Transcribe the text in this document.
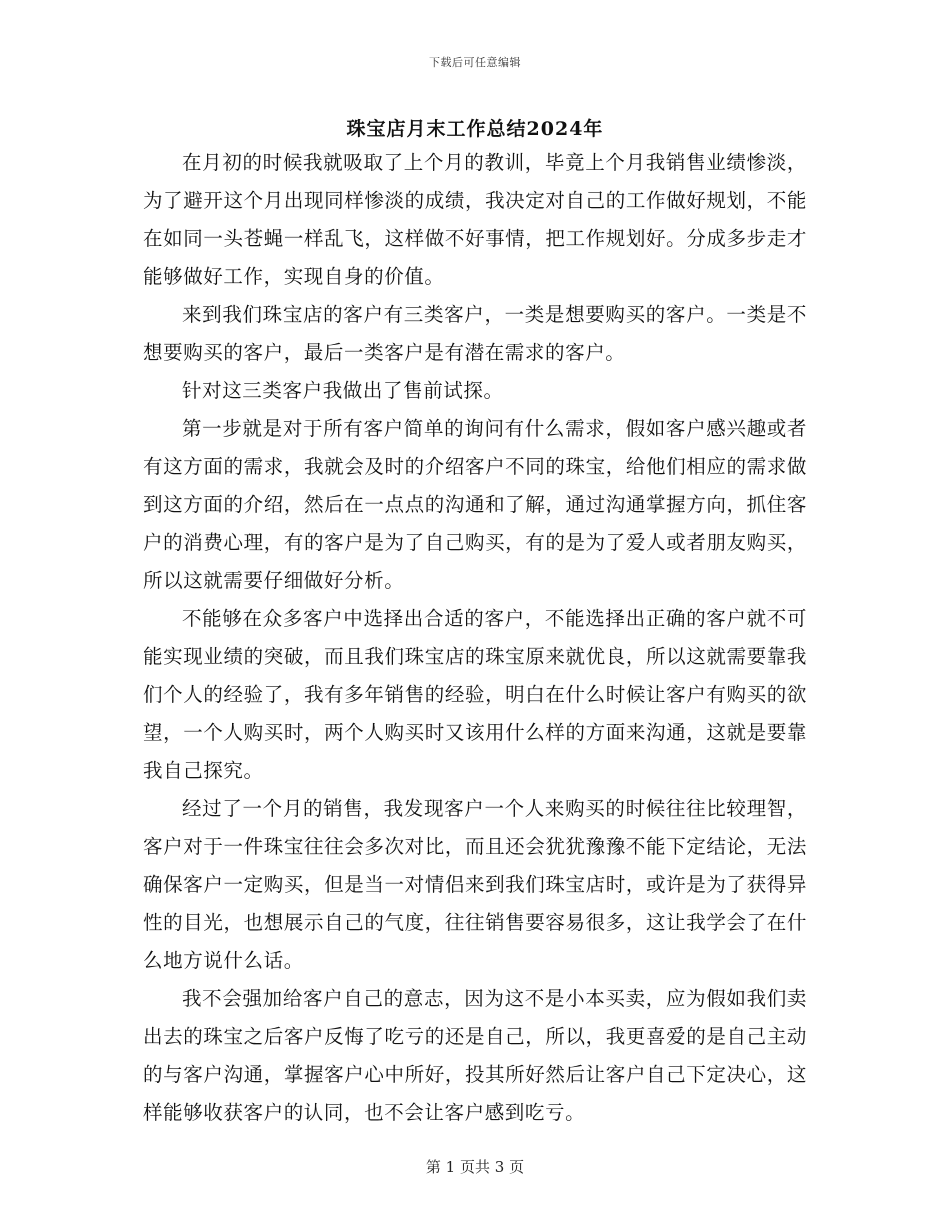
下载后可任意编辑
珠宝店月末工作总结2024年

在月初的时候我就吸取了上个月的教训，毕竟上个月我销售业绩惨淡，为了避开这个月出现同样惨淡的成绩，我决定对自己的工作做好规划，不能在如同一头苍蝇一样乱飞，这样做不好事情，把工作规划好。分成多步走才能够做好工作，实现自身的价值。

来到我们珠宝店的客户有三类客户，一类是想要购买的客户。一类是不想要购买的客户，最后一类客户是有潜在需求的客户。

针对这三类客户我做出了售前试探。

第一步就是对于所有客户简单的询问有什么需求，假如客户感兴趣或者有这方面的需求，我就会及时的介绍客户不同的珠宝，给他们相应的需求做到这方面的介绍，然后在一点点的沟通和了解，通过沟通掌握方向，抓住客户的消费心理，有的客户是为了自己购买，有的是为了爱人或者朋友购买，所以这就需要仔细做好分析。

不能够在众多客户中选择出合适的客户，不能选择出正确的客户就不可能实现业绩的突破，而且我们珠宝店的珠宝原来就优良，所以这就需要靠我们个人的经验了，我有多年销售的经验，明白在什么时候让客户有购买的欲望，一个人购买时，两个人购买时又该用什么样的方面来沟通，这就是要靠我自己探究。

经过了一个月的销售，我发现客户一个人来购买的时候往往比较理智，客户对于一件珠宝往往会多次对比，而且还会犹犹豫豫不能下定结论，无法确保客户一定购买，但是当一对情侣来到我们珠宝店时，或许是为了获得异性的目光，也想展示自己的气度，往往销售要容易很多，这让我学会了在什么地方说什么话。

我不会强加给客户自己的意志，因为这不是小本买卖，应为假如我们卖出去的珠宝之后客户反悔了吃亏的还是自己，所以，我更喜爱的是自己主动的与客户沟通，掌握客户心中所好，投其所好然后让客户自己下定决心，这样能够收获客户的认同，也不会让客户感到吃亏。

第 1 页共 3 页
